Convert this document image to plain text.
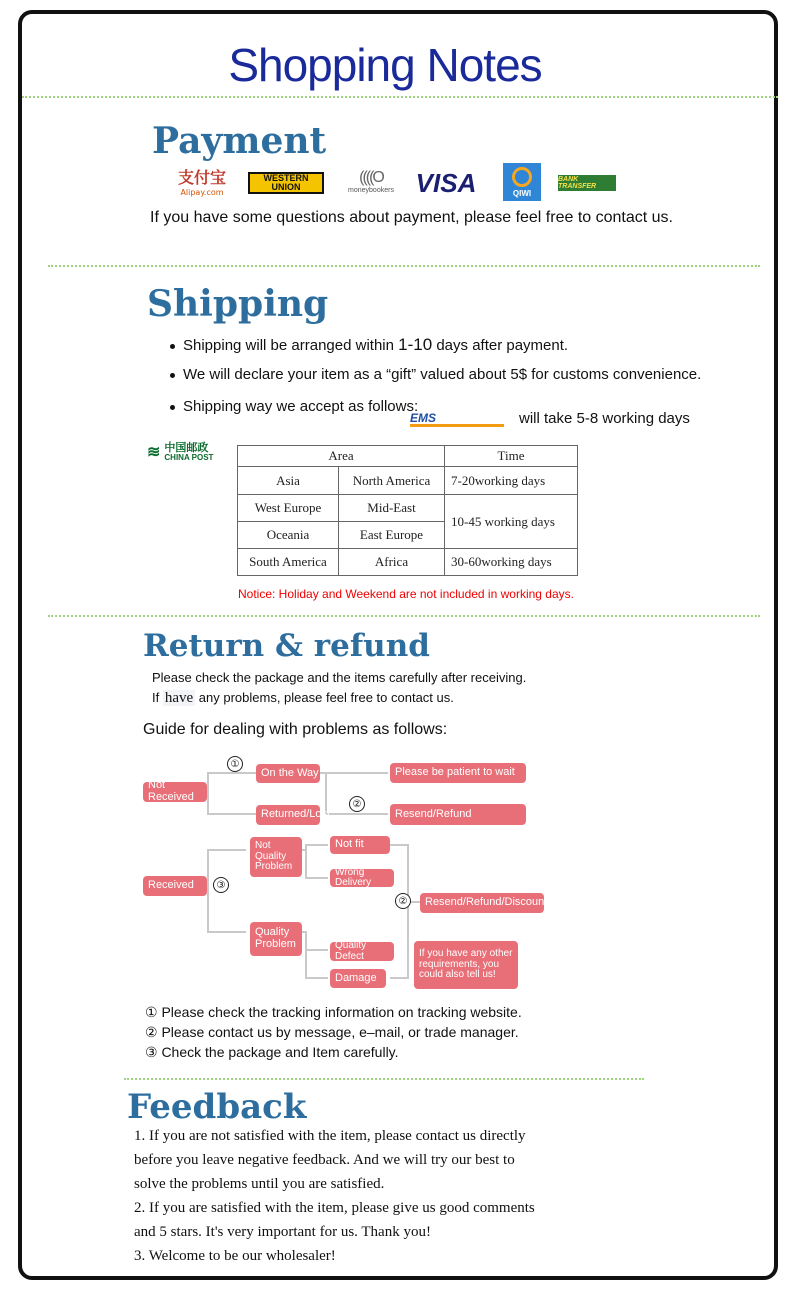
Shopping Notes
Payment
支付宝
Alipay.com
WESTERN UNION
((((O
moneybookers VISA	QIWI
BANK TRANSFER
If you have some questions about payment, please feel free to contact us.
Shipping
Shipping will be arranged within 1-10 days after payment.
We will declare your item as a “gift” valued about 5$ for customs convenience.
Shipping way we accept as follows:
EMS	will take 5-8 working days
≋ 中国邮政
CHINA POST	Area		Time
Asia	North America	7-20working days
West Europe	Mid-East	10-45 working days
Oceania	East Europe	
South America	Africa	30-60working days
Notice: Holiday and Weekend are not included in working days.
Return & refund
Please check the package and the items carefully after receiving.
If have any problems, please feel free to contact us.
Guide for dealing with problems as follows:
①
②
③
②
Not Received
On the Way	Please be patient to wait
Returned/Lost	Resend/Refund
Received
Not Quality Problem
Not fit
Wrong Delivery
Resend/Refund/Discount
Quality Problem	Quality Defect
Damage
If you have any other requirements, you could also tell us!
① Please check the tracking information on tracking website.
② Please contact us by message, e–mail, or trade manager.
③ Check the package and Item carefully.
Feedback
1. If you are not satisfied with the item, please contact us directly
before you leave negative feedback. And we will try our best to
solve the problems until you are satisfied.
2. If you are satisfied with the item, please give us good comments
and 5 stars. It's very important for us. Thank you!
3. Welcome to be our wholesaler!
